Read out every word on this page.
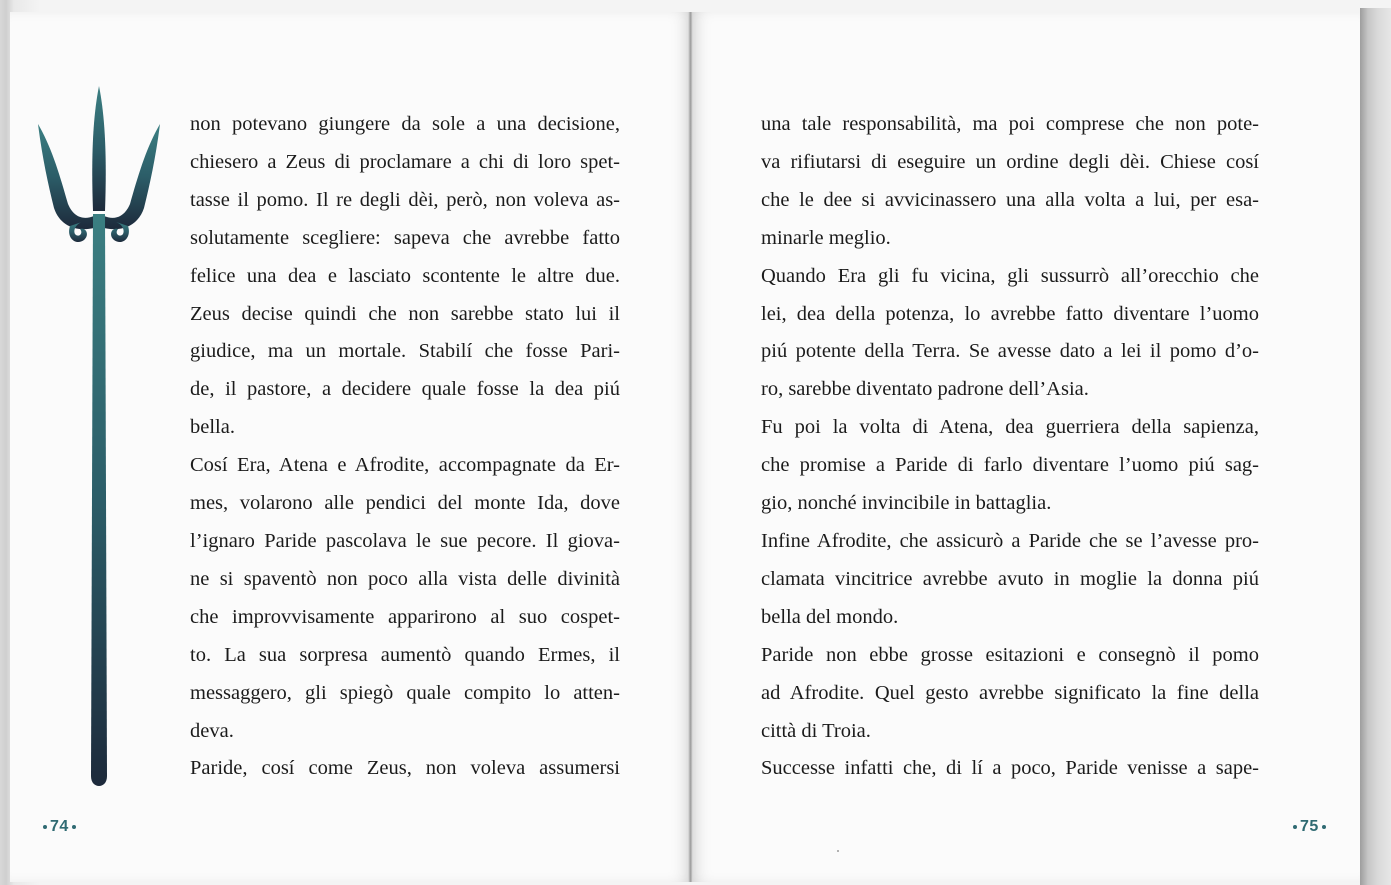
non potevano giungere da sole a una decisione,

chiesero a Zeus di proclamare a chi di loro spet-

tasse il pomo. Il re degli dèi, però, non voleva as-

solutamente scegliere: sapeva che avrebbe fatto

felice una dea e lasciato scontente le altre due.

Zeus decise quindi che non sarebbe stato lui il

giudice, ma un mortale. Stabilí che fosse Pari-

de, il pastore, a decidere quale fosse la dea piú

bella.

Cosí Era, Atena e Afrodite, accompagnate da Er-

mes, volarono alle pendici del monte Ida, dove

l’ignaro Paride pascolava le sue pecore. Il giova-

ne si spaventò non poco alla vista delle divinità

che improvvisamente apparirono al suo cospet-

to. La sua sorpresa aumentò quando Ermes, il

messaggero, gli spiegò quale compito lo atten-

deva.

Paride, cosí come Zeus, non voleva assumersi

74

una tale responsabilità, ma poi comprese che non pote-

va rifiutarsi di eseguire un ordine degli dèi. Chiese cosí

che le dee si avvicinassero una alla volta a lui, per esa-

minarle meglio.

Quando Era gli fu vicina, gli sussurrò all’orecchio che

lei, dea della potenza, lo avrebbe fatto diventare l’uomo

piú potente della Terra. Se avesse dato a lei il pomo d’o-

ro, sarebbe diventato padrone dell’Asia.

Fu poi la volta di Atena, dea guerriera della sapienza,

che promise a Paride di farlo diventare l’uomo piú sag-

gio, nonché invincibile in battaglia.

Infine Afrodite, che assicurò a Paride che se l’avesse pro-

clamata vincitrice avrebbe avuto in moglie la donna piú

bella del mondo.

Paride non ebbe grosse esitazioni e consegnò il pomo

ad Afrodite. Quel gesto avrebbe significato la fine della

città di Troia.

Successe infatti che, di lí a poco, Paride venisse a sape-

75
